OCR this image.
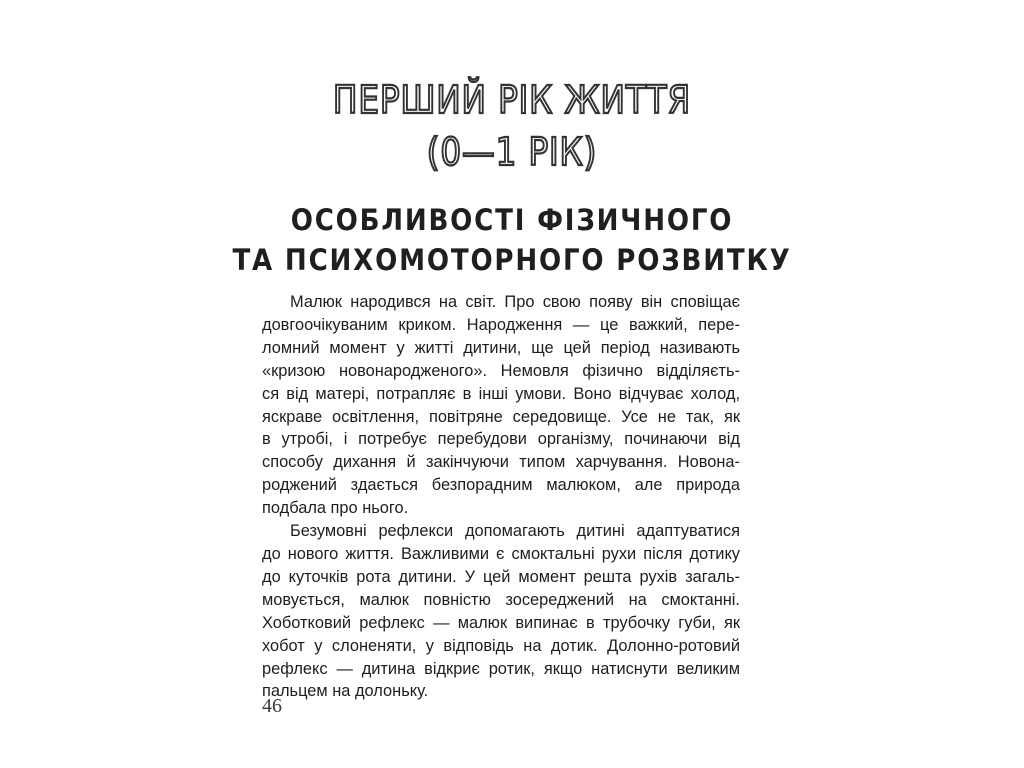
ПЕРШИЙ РІК ЖИТТЯ
(0—1 РІК)
ОСОБЛИВОСТІ ФІЗИЧНОГО
ТА ПСИХОМОТОРНОГО РОЗВИТКУ
Малюк народився на світ. Про свою появу він сповіщає
довгоочікуваним криком. Народження — це важкий, пере-
ломний момент у житті дитини, ще цей період називають
«кризою новонародженого». Немовля фізично відділяєть-
ся від матері, потрапляє в інші умови. Воно відчуває холод,
яскраве освітлення, повітряне середовище. Усе не так, як
в утробі, і потребує перебудови організму, починаючи від
способу дихання й закінчуючи типом харчування. Новона-
роджений здається безпорадним малюком, але природа
подбала про нього.
Безумовні рефлекси допомагають дитині адаптуватися
до нового життя. Важливими є смоктальні рухи після дотику
до куточків рота дитини. У цей момент решта рухів загаль-
мовується, малюк повністю зосереджений на смоктанні.
Хоботковий рефлекс — малюк випинає в трубочку губи, як
хобот у слоненяти, у відповідь на дотик. Долонно-ротовий
рефлекс — дитина відкриє ротик, якщо натиснути великим
пальцем на долоньку.
46
